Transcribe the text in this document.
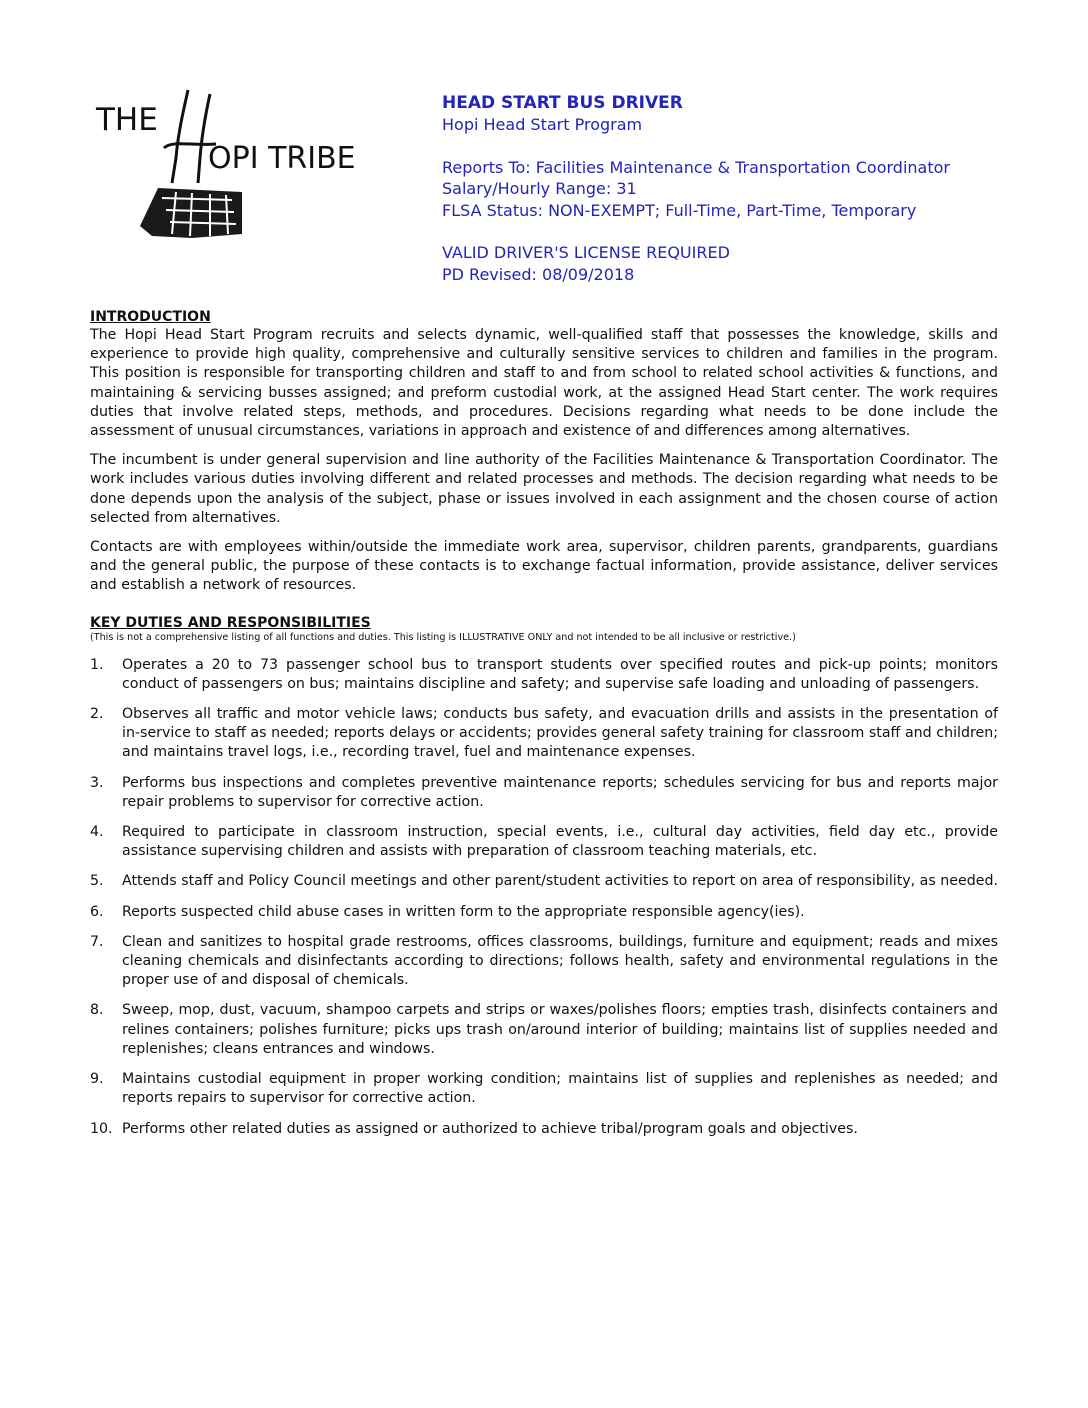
THE
OPI TRIBE
HEAD START BUS DRIVER
Hopi Head Start Program
Reports To: Facilities Maintenance & Transportation Coordinator
Salary/Hourly Range: 31
FLSA Status: NON-EXEMPT; Full-Time, Part-Time, Temporary
VALID DRIVER'S LICENSE REQUIRED
PD Revised: 08/09/2018
INTRODUCTION

The Hopi Head Start Program recruits and selects dynamic, well-qualified staff that possesses the knowledge, skills and experience to provide high quality, comprehensive and culturally sensitive services to children and families in the program. This position is responsible for transporting children and staff to and from school to related school activities & functions, and maintaining & servicing busses assigned; and preform custodial work, at the assigned Head Start center. The work requires duties that involve related steps, methods, and procedures. Decisions regarding what needs to be done include the assessment of unusual circumstances, variations in approach and existence of and differences among alternatives.

The incumbent is under general supervision and line authority of the Facilities Maintenance & Transportation Coordinator. The work includes various duties involving different and related processes and methods. The decision regarding what needs to be done depends upon the analysis of the subject, phase or issues involved in each assignment and the chosen course of action selected from alternatives.

Contacts are with employees within/outside the immediate work area, supervisor, children parents, grandparents, guardians and the general public, the purpose of these contacts is to exchange factual information, provide assistance, deliver services and establish a network of resources.

KEY DUTIES AND RESPONSIBILITIES
(This is not a comprehensive listing of all functions and duties. This listing is ILLUSTRATIVE ONLY and not intended to be all inclusive or restrictive.)
1.	Operates a 20 to 73 passenger school bus to transport students over specified routes and pick-up points; monitors conduct of passengers on bus; maintains discipline and safety; and supervise safe loading and unloading of passengers.
2.	Observes all traffic and motor vehicle laws; conducts bus safety, and evacuation drills and assists in the presentation of in-service to staff as needed; reports delays or accidents; provides general safety training for classroom staff and children; and maintains travel logs, i.e., recording travel, fuel and maintenance expenses.
3.	Performs bus inspections and completes preventive maintenance reports; schedules servicing for bus and reports major repair problems to supervisor for corrective action.
4.	Required to participate in classroom instruction, special events, i.e., cultural day activities, field day etc., provide assistance supervising children and assists with preparation of classroom teaching materials, etc.
5.	Attends staff and Policy Council meetings and other parent/student activities to report on area of responsibility, as needed.
6.	Reports suspected child abuse cases in written form to the appropriate responsible agency(ies).
7.	Clean and sanitizes to hospital grade restrooms, offices classrooms, buildings, furniture and equipment; reads and mixes cleaning chemicals and disinfectants according to directions; follows health, safety and environmental regulations in the proper use of and disposal of chemicals.
8.	Sweep, mop, dust, vacuum, shampoo carpets and strips or waxes/polishes floors; empties trash, disinfects containers and relines containers; polishes furniture; picks ups trash on/around interior of building; maintains list of supplies needed and replenishes; cleans entrances and windows.
9.	Maintains custodial equipment in proper working condition; maintains list of supplies and replenishes as needed; and reports repairs to supervisor for corrective action.
10. Performs other related duties as assigned or authorized to achieve tribal/program goals and objectives.
